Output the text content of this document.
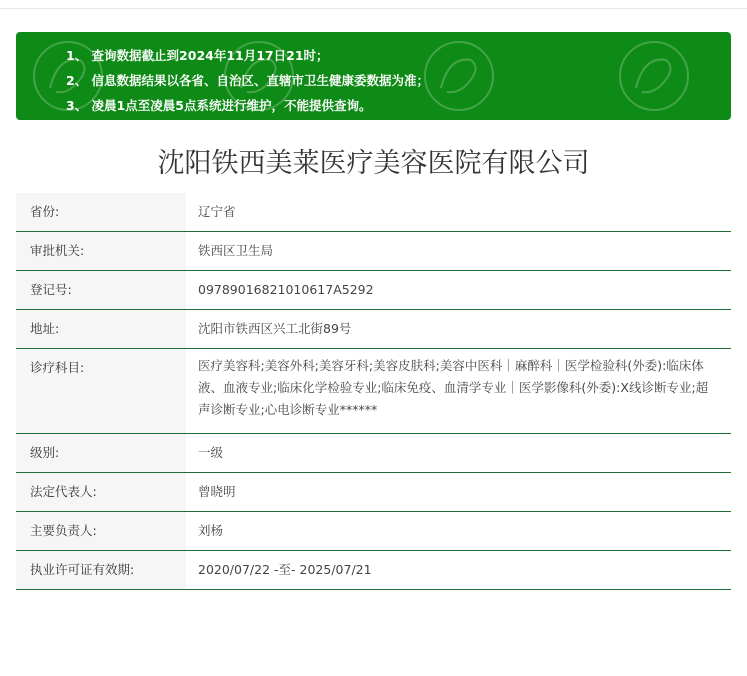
1、 查询数据截止到2024年11月17日21时；
2、 信息数据结果以各省、自治区、直辖市卫生健康委数据为准；
3、 凌晨1点至凌晨5点系统进行维护，不能提供查询。
沈阳铁西美莱医疗美容医院有限公司
省份:	辽宁省
审批机关:	铁西区卫生局
登记号:	09789016821010617A5292
地址:	沈阳市铁西区兴工北街89号
诊疗科目:	医疗美容科;美容外科;美容牙科;美容皮肤科;美容中医科｜麻醉科｜医学检验科(外委):临床体液、血液专业;临床化学检验专业;临床免疫、血清学专业｜医学影像科(外委):X线诊断专业;超声诊断专业;心电诊断专业******
级别:	一级
法定代表人:	曾晓明
主要负责人:	刘杨
执业许可证有效期:	2020/07/22 -至- 2025/07/21
